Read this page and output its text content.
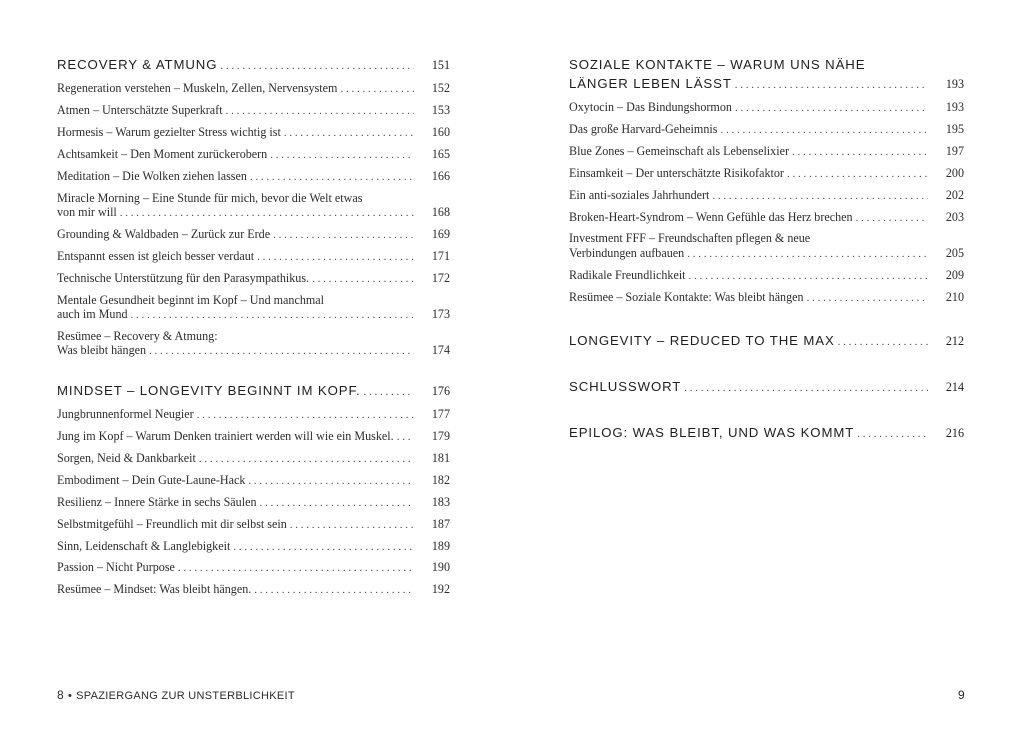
RECOVERY & ATMUNG . . .	151
Regeneration verstehen – Muskeln, Zellen, Nervensystem . . .	152
Atmen – Unterschätzte Superkraft . . .	153
Hormesis – Warum gezielter Stress wichtig ist . . .	160
Achtsamkeit – Den Moment zurückerobern . . .	165
Meditation – Die Wolken ziehen lassen . . .	166
Miracle Morning – Eine Stunde für mich, bevor die Welt etwas
von mir will . . .	168
Grounding & Waldbaden – Zurück zur Erde . . .	169
Entspannt essen ist gleich besser verdaut . . .	171
Technische Unterstützung für den Parasympathikus. . . .	172
Mentale Gesundheit beginnt im Kopf – Und manchmal
auch im Mund . . .	173
Resümee – Recovery & Atmung:
Was bleibt hängen . . .	174
MINDSET – LONGEVITY BEGINNT IM KOPF. . . .	176
Jungbrunnenformel Neugier . . .	177
Jung im Kopf – Warum Denken trainiert werden will wie ein Muskel. . . .	179
Sorgen, Neid & Dankbarkeit . . .	181
Embodiment – Dein Gute-Laune-Hack . . .	182
Resilienz – Innere Stärke in sechs Säulen . . .	183
Selbstmitgefühl – Freundlich mit dir selbst sein . . .	187
Sinn, Leidenschaft & Langlebigkeit . . .	189
Passion – Nicht Purpose . . .	190
Resümee – Mindset: Was bleibt hängen. . . .	192
8 • SPAZIERGANG ZUR UNSTERBLICHKEIT
SOZIALE KONTAKTE – WARUM UNS NÄHE
LÄNGER LEBEN LÄSST . . .	193
Oxytocin – Das Bindungshormon . . .	193
Das große Harvard-Geheimnis . . .	195
Blue Zones – Gemeinschaft als Lebenselixier . . .	197
Einsamkeit – Der unterschätzte Risikofaktor . . .	200
Ein anti-soziales Jahrhundert . . .	202
Broken-Heart-Syndrom – Wenn Gefühle das Herz brechen . . .	203
Investment FFF – Freundschaften pflegen & neue
Verbindungen aufbauen . . .	205
Radikale Freundlichkeit . . .	209
Resümee – Soziale Kontakte: Was bleibt hängen . . .	210
LONGEVITY – REDUCED TO THE MAX . . .	212
SCHLUSSWORT . . .	214
EPILOG: WAS BLEIBT, UND WAS KOMMT . . .	216
9
